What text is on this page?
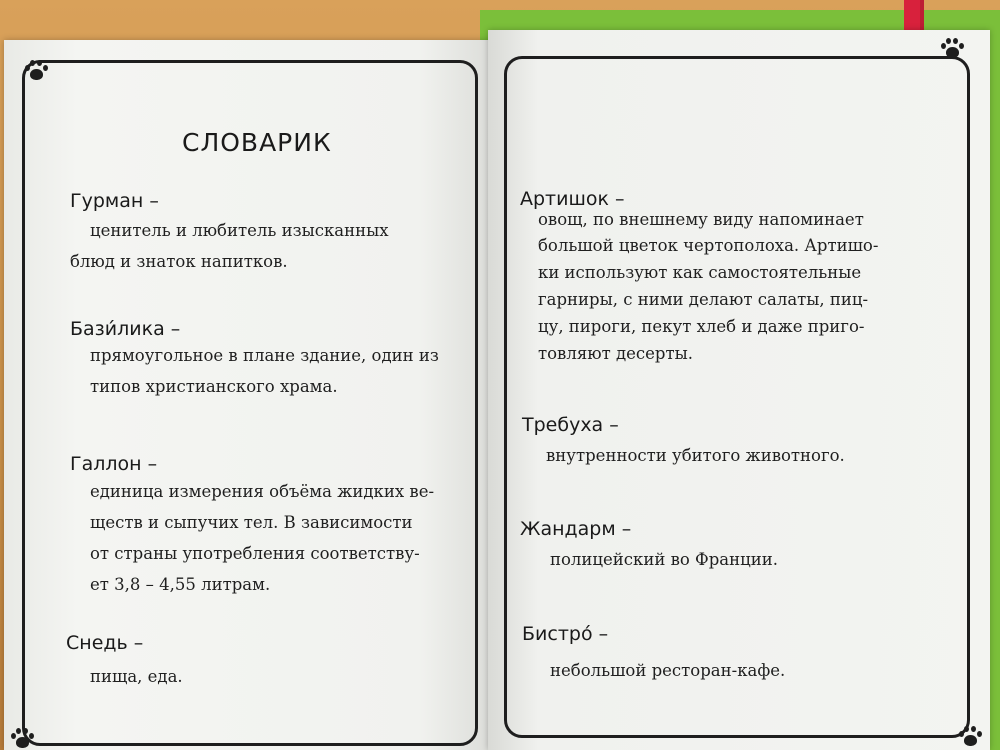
СЛОВАРИК
Гурман –
ценитель и любитель изысканных
блюд и знаток напитков.
Бази́лика –
прямоугольное в плане здание, один из
типов христианского храма.
Галлон –
единица измерения объёма жидких ве-
ществ и сыпучих тел. В зависимости
от страны употребления соответству-
ет 3,8 – 4,55 литрам.
Снедь –
пища, еда.
Артишок –
овощ, по внешнему виду напоминает
большой цветок чертополоха. Артишо-
ки используют как самостоятельные
гарниры, с ними делают салаты, пиц-
цу, пироги, пекут хлеб и даже приго-
товляют десерты.
Требуха –
внутренности убитого животного.
Жандарм –
полицейский во Франции.
Бистро́ –
небольшой ресторан-кафе.
